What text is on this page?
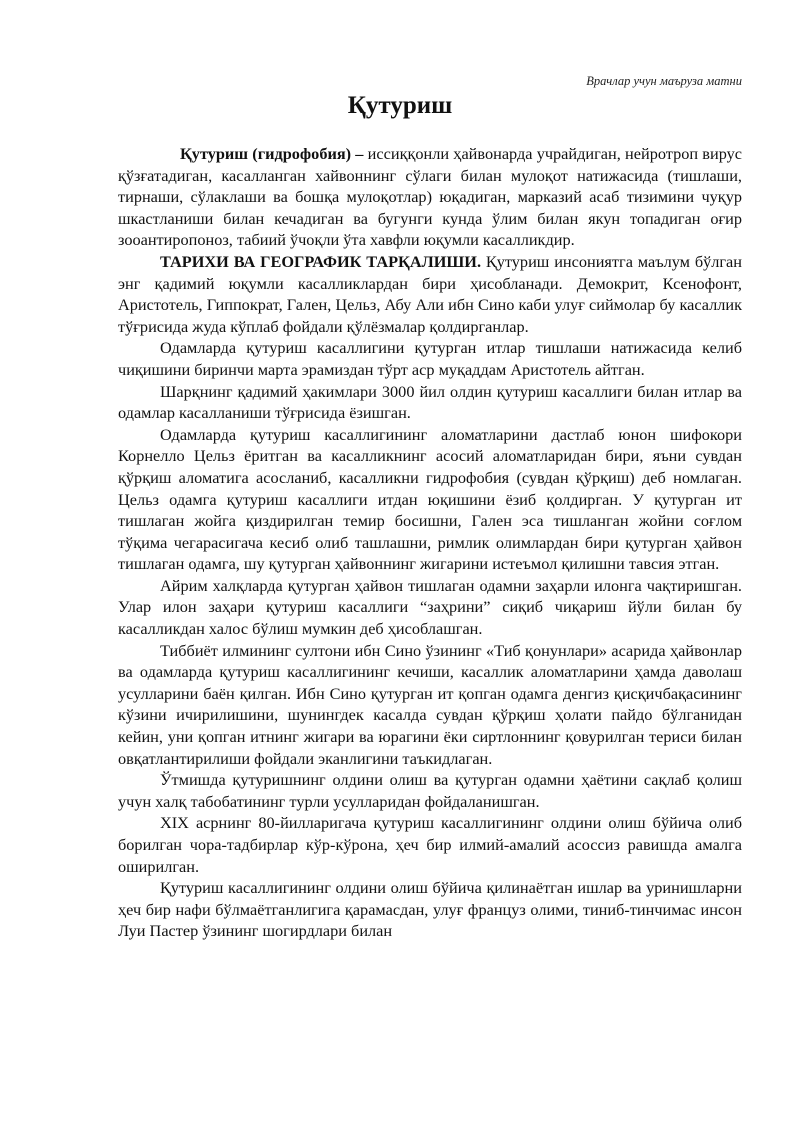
Врачлар учун маъруза матни
Қутуриш

Қутуриш (гидрофобия) – иссиққонли ҳайвонарда учрайдиган, нейротроп вирус қўзғатадиган, касалланган хайвоннинг сўлаги билан мулоқот натижасида (тишлаши, тирнаши, сўлаклаши ва бошқа мулоқотлар) юқадиган, марказий асаб тизимини чуқур шкастланиши билан кечадиган ва бугунги кунда ўлим билан якун топадиган оғир зооантиропоноз, табиий ўчоқли ўта хавфли юқумли касалликдир.

ТАРИХИ ВА ГЕОГРАФИК ТАРҚАЛИШИ. Қутуриш инсониятга маълум бўлган энг қадимий юқумли касалликлардан бири ҳисобланади. Демокрит, Ксенофонт, Аристотель, Гиппократ, Гален, Цельз, Абу Али ибн Сино каби улуғ сиймолар бу касаллик тўғрисида жуда кўплаб фойдали қўлёзмалар қолдирганлар.

Одамларда қутуриш касаллигини қутурган итлар тишлаши натижасида келиб чиқишини биринчи марта эрамиздан тўрт аср муқаддам Аристотель айтган.

Шарқнинг қадимий ҳакимлари 3000 йил олдин қутуриш касаллиги билан итлар ва одамлар касалланиши тўғрисида ёзишган.

Одамларда қутуриш касаллигининг аломатларини дастлаб юнон шифокори Корнелло Цельз ёритган ва касалликнинг асосий аломатларидан бири, яъни сувдан қўрқиш аломатига асосланиб, касалликни гидрофобия (сувдан қўрқиш) деб номлаган. Цельз одамга қутуриш касаллиги итдан юқишини ёзиб қолдирган. У қутурган ит тишлаган жойга қиздирилган темир босишни, Гален эса тишланган жойни соғлом тўқима чегарасигача кесиб олиб ташлашни, римлик олимлардан бири қутурган ҳайвон тишлаган одамга, шу қутурган ҳайвоннинг жигарини истеъмол қилишни тавсия этган.

Айрим халқларда қутурган ҳайвон тишлаган одамни заҳарли илонга чақтиришган. Улар илон заҳари қутуриш касаллиги “заҳрини” сиқиб чиқариш йўли билан бу касалликдан халос бўлиш мумкин деб ҳисоблашган.

Тиббиёт илмининг султони ибн Сино ўзининг «Тиб қонунлари» асарида ҳайвонлар ва одамларда қутуриш касаллигининг кечиши, касаллик аломатларини ҳамда даволаш усулларини баён қилган. Ибн Сино қутурган ит қопган одамга денгиз қисқичбақасининг кўзини ичирилишини, шунингдек касалда сувдан қўрқиш ҳолати пайдо бўлганидан кейин, уни қопган итнинг жигари ва юрагини ёки сиртлоннинг қовурилган териси билан овқатлантирилиши фойдали эканлигини таъкидлаган.

Ўтмишда қутуришнинг олдини олиш ва қутурган одамни ҳаётини сақлаб қолиш учун халқ табобатининг турли усулларидан фойдаланишган.

XIX асрнинг 80-йилларигача қутуриш касаллигининг олдини олиш бўйича олиб борилган чора-тадбирлар кўр-кўрона, ҳеч бир илмий-амалий асоссиз равишда амалга оширилган.

Қутуриш касаллигининг олдини олиш бўйича қилинаётган ишлар ва уринишларни ҳеч бир нафи бўлмаётганлигига қарамасдан, улуғ француз олими, тиниб-тинчимас инсон Луи Пастер ўзининг шогирдлари билан
